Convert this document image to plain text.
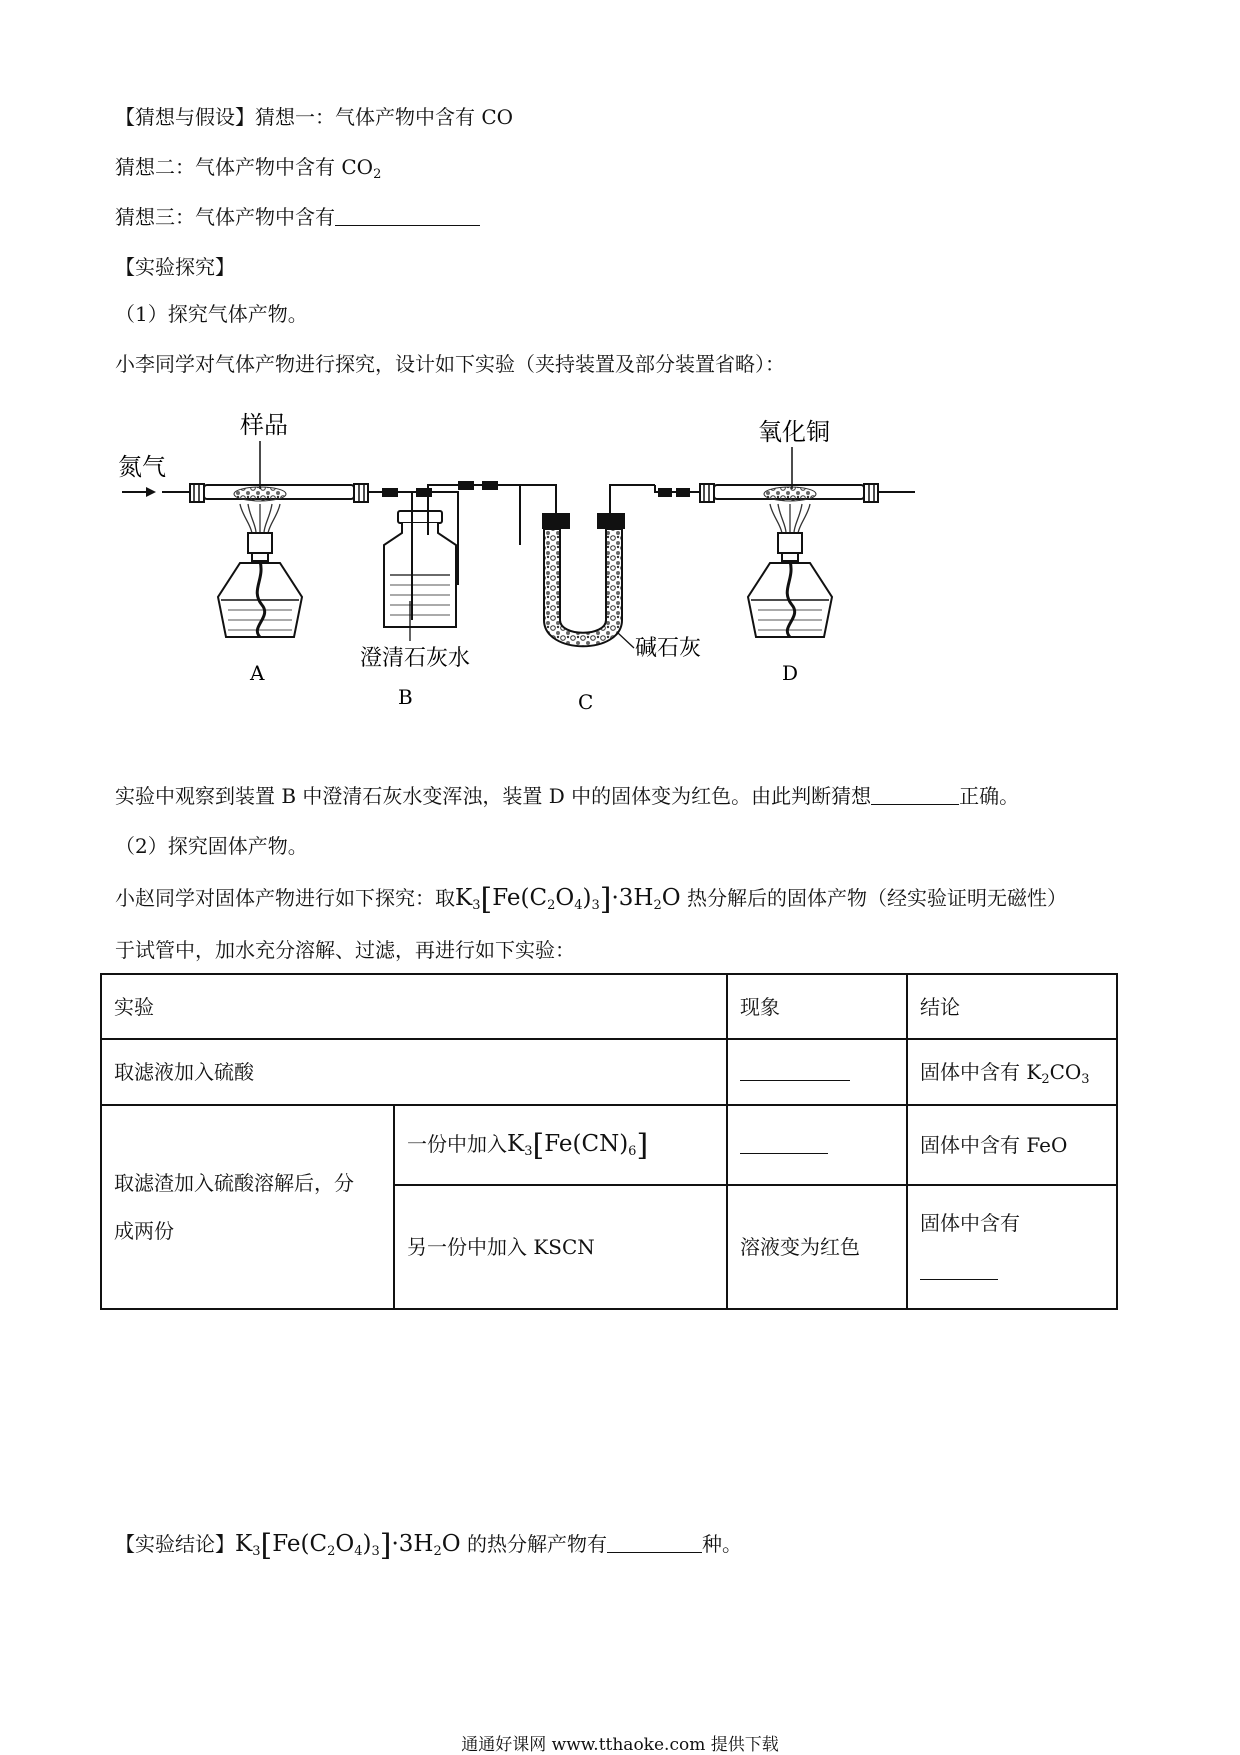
【猜想与假设】猜想一：气体产物中含有 CO
猜想二：气体产物中含有 $CO_2$
猜想三：气体产物中含有
【实验探究】
（1）探究气体产物。
小李同学对气体产物进行探究，设计如下实验（夹持装置及部分装置省略）：
氮气
样品
A
澄清石灰水
B
碱石灰
C
氧化铜
D
实验中观察到装置 B 中澄清石灰水变浑浊，装置 D 中的固体变为红色。由此判断猜想	正确。
（2）探究固体产物。
小赵同学对固体产物进行如下探究：取$K_3[Fe(C_2O_4)_3]\cdot 3H_2O$ 热分解后的固体产物（经实验证明无磁性）
于试管中，加水充分溶解、过滤，再进行如下实验：
实验		现象	结论
取滤液加入硫酸			固体中含有 $K_2CO_3$

取滤渣加入硫酸溶解后，分
成两份	一份中加入$K_3[Fe(CN)_6]$		固体中含有 FeO
	另一份中加入 KSCN	溶液变为红色	固体中含有
【实验结论】$K_3[Fe(C_2O_4)_3]\cdot 3H_2O$ 的热分解产物有	种。
通通好课网 www.tthaoke.com 提供下载
